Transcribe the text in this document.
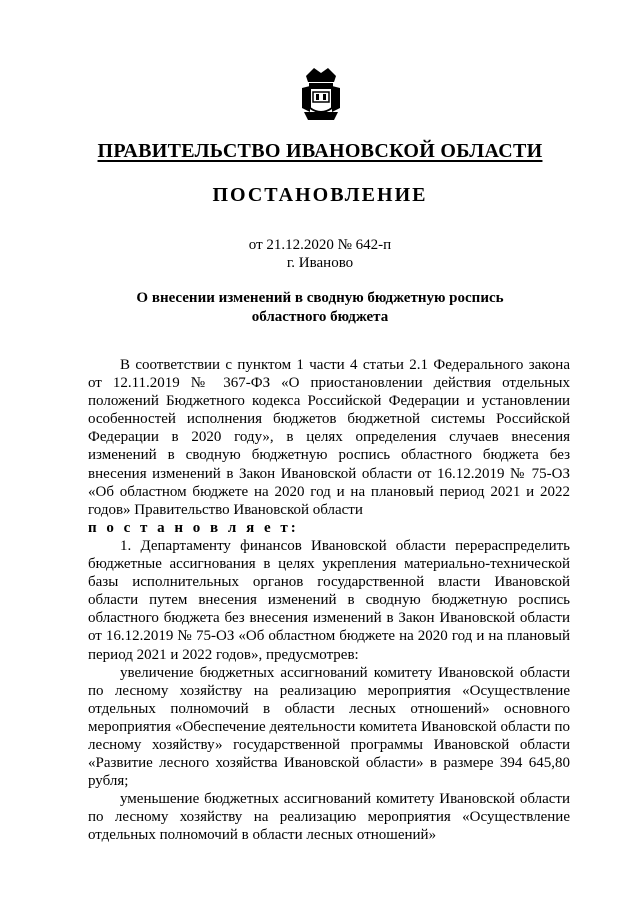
ПРАВИТЕЛЬСТВО ИВАНОВСКОЙ ОБЛАСТИ
ПОСТАНОВЛЕНИЕ
от 21.12.2020 № 642-п
г. Иваново
О внесении изменений в сводную бюджетную роспись
областного бюджета

В соответствии с пунктом 1 части 4 статьи 2.1 Федерального закона от 12.11.2019 № 367-ФЗ «О приостановлении действия отдельных положений Бюджетного кодекса Российской Федерации и установлении особенностей исполнения бюджетов бюджетной системы Российской Федерации в 2020 году», в целях определения случаев внесения изменений в сводную бюджетную роспись областного бюджета без внесения изменений в Закон Ивановской области от 16.12.2019 № 75-ОЗ «Об областном бюджете на 2020 год и на плановый период 2021 и 2022 годов» Правительство Ивановской области

п о с т а н о в л я е т:

1. Департаменту финансов Ивановской области перераспределить бюджетные ассигнования в целях укрепления материально-технической базы исполнительных органов государственной власти Ивановской области путем внесения изменений в сводную бюджетную роспись областного бюджета без внесения изменений в Закон Ивановской области от 16.12.2019 № 75-ОЗ «Об областном бюджете на 2020 год и на плановый период 2021 и 2022 годов», предусмотрев:

увеличение бюджетных ассигнований комитету Ивановской области по лесному хозяйству на реализацию мероприятия «Осуществление отдельных полномочий в области лесных отношений» основного мероприятия «Обеспечение деятельности комитета Ивановской области по лесному хозяйству» государственной программы Ивановской области «Развитие лесного хозяйства Ивановской области» в размере 394 645,80 рубля;

уменьшение бюджетных ассигнований комитету Ивановской области по лесному хозяйству на реализацию мероприятия «Осуществление отдельных полномочий в области лесных отношений»
